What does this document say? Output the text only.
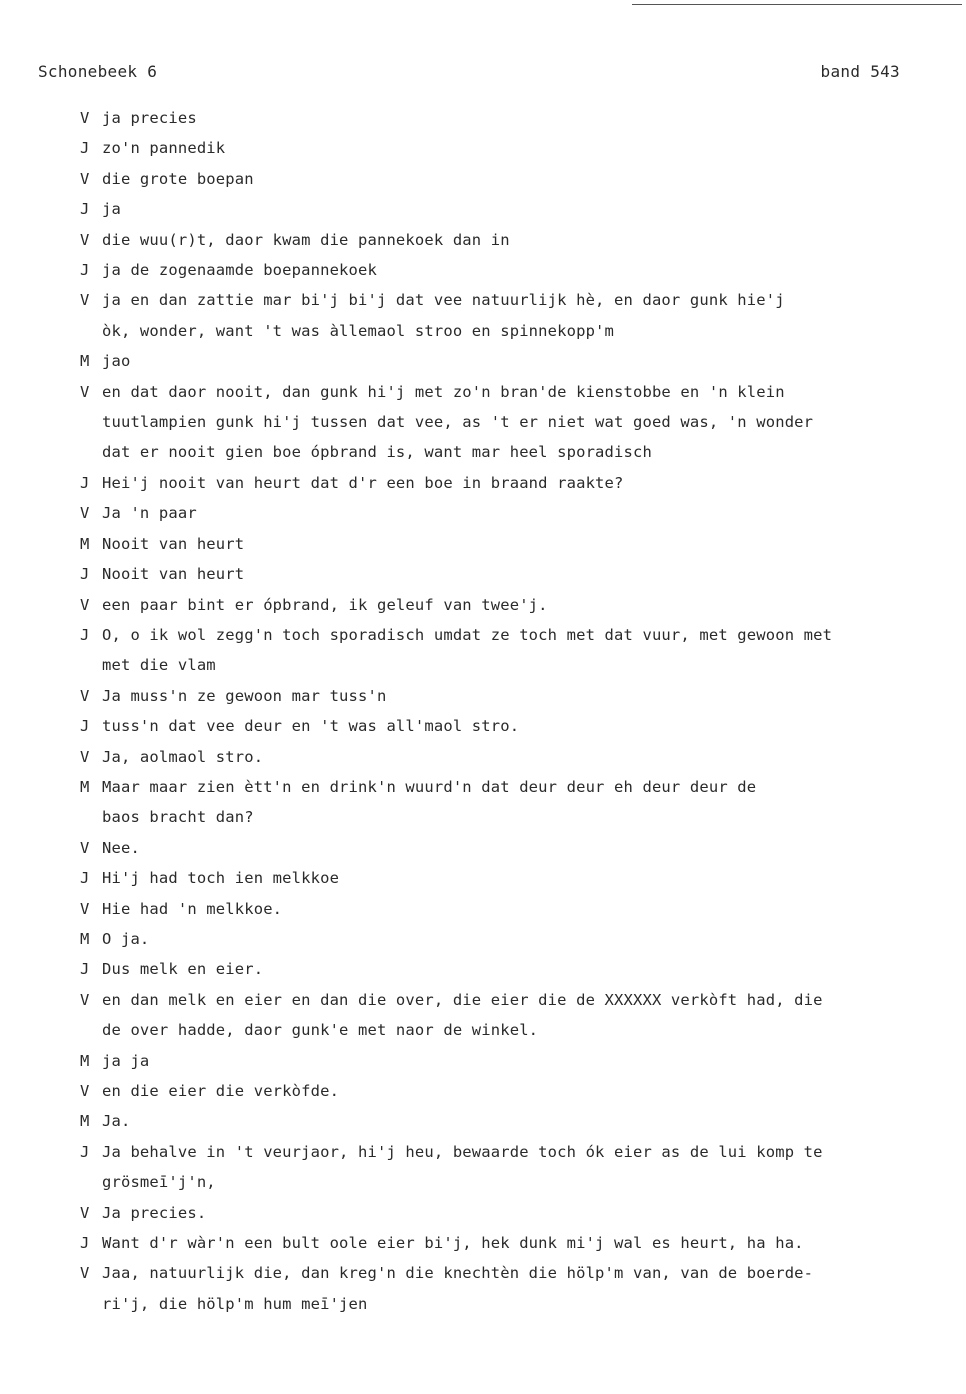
Schonebeek 6	band 543
V ja precies
J zo'n pannedik
V die grote boepan
J ja
V die wuu(r)t, daor kwam die pannekoek dan in
J ja de zogenaamde boepannekoek
V ja en dan zattie mar bi'j bi'j dat vee natuurlijk hè, en daor gunk hie'j
òk, wonder, want 't was àllemaol stroo en spinnekopp'm
M jao
V en dat daor nooit, dan gunk hi'j met zo'n bran'de kienstobbe en 'n klein
tuutlampien gunk hi'j tussen dat vee, as 't er niet wat goed was, 'n wonder
dat er nooit gien boe ópbrand is, want mar heel sporadisch
J Hei'j nooit van heurt dat d'r een boe in braand raakte?
V Ja 'n paar
M Nooit van heurt
J Nooit van heurt
V een paar bint er ópbrand, ik geleuf van twee'j.
J O, o ik wol zegg'n toch sporadisch umdat ze toch met dat vuur, met gewoon met
met die vlam
V Ja muss'n ze gewoon mar tuss'n
J tuss'n dat vee deur en 't was all'maol stro.
V Ja, aolmaol stro.
M Maar maar zien ètt'n en drink'n wuurd'n dat deur deur eh deur deur de
baos bracht dan?
V Nee.
J Hi'j had toch ien melkkoe
V Hie had 'n melkkoe.
M O ja.
J Dus melk en eier.
V en dan melk en eier en dan die over, die eier die de XXXXXX verkòft had, die
de over hadde, daor gunk'e met naor de winkel.
M ja ja
V en die eier die verkòfde.
M Ja.
J Ja behalve in 't veurjaor, hi'j heu, bewaarde toch ók eier as de lui komp te
grösmeī'j'n,
V Ja precies.
J Want d'r wàr'n een bult oole eier bi'j, hek dunk mi'j wal es heurt, ha ha.
V Jaa, natuurlijk die, dan kreg'n die knechtèn die hölp'm van, van de boerde-
ri'j, die hölp'm hum meī'jen
